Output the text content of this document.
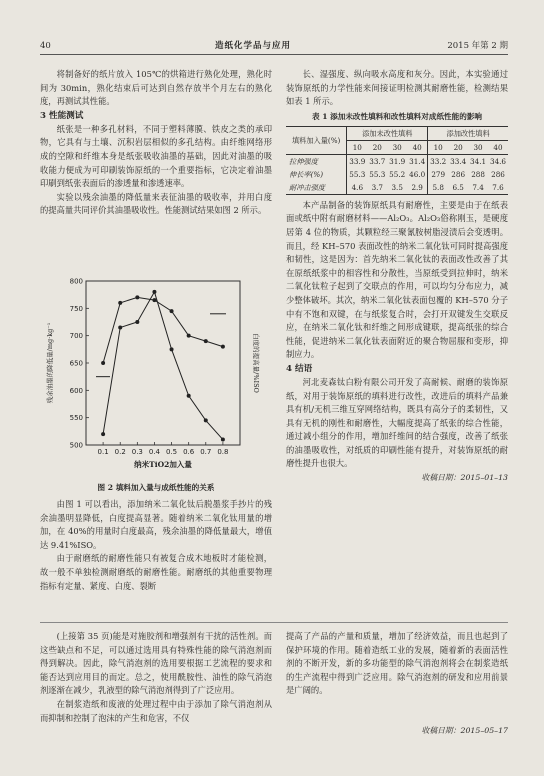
40	造纸化学品与应用	2015 年第 2 期

将制备好的纸片放入 105℃的烘箱进行熟化处理，熟化时间为 30min，熟化结束后可达到自然存放半个月左右的熟化度，再测试其性能。

3 性能测试

纸张是一种多孔材料，不同于塑料薄膜、铁皮之类的承印物，它具有与土壤、沉积岩层相似的多孔结构。由纤维网络形成的空隙和纤维本身是纸张吸收油墨的基础，因此对油墨的吸收能力便成为可印刷装饰原纸的一个重要指标，它决定着油墨印刷到纸张表面后的渗透量和渗透速率。

实验以残余油墨的降低量来表征油墨的吸收率，并用白度的提高量共同评价其油墨吸收性。性能测试结果如图 2 所示。

500
550
600
650
700
750
800
0.1 0.2 0.3 0.4 0.5 0.6 0.7 0.8
残余油墨的降低量/mg·kg⁻¹	白度的提高量/%ISO
纳米TiO2加入量
图 2 填料加入量与成纸性能的关系

由图 1 可以看出，添加纳米二氧化钛后脱墨浆手抄片的残余油墨明显降低，白度提高显著。随着纳米二氧化钛用量的增加，在 40%的用量时白度最高，残余油墨的降低量最大，增值达 9.41%ISO。

由于耐磨纸的耐磨性能只有被复合成木地板时才能检测，故一般不单独检测耐磨纸的耐磨性能。耐磨纸的其他重要物理指标有定量、紧度、白度、裂断

长、湿强度、纵向吸水高度和灰分。因此，本实验通过装饰原纸的力学性能来间接证明检测其耐磨性能，检测结果如表 1 所示。

表 1 添加未改性填料和改性填料对成纸性能的影响
填料加入量(%)	添加未改性填料				添加改性填料			
	10	20	30	40	10	20	30	40
拉伸强度	33.9	33.7	31.9	31.4	33.2	33.4	34.1	34.6
伸长率(%)	55.3	55.3	55.2	46.0	279	286	288	286
耐冲击强度	4.6	3.7	3.5	2.9	5.8	6.5	7.4	7.6

本产品制备的装饰原纸具有耐磨性，主要是由于在纸表面或纸中附有耐磨材料——Al₂O₃。Al₂O₃俗称刚玉，是硬度居第 4 位的物质，其颗粒经三聚氰胺树脂浸渍后会变透明。而且，经 KH–570 表面改性的纳米二氧化钛可同时提高强度和韧性，这是因为：首先纳米二氧化钛的表面改性改善了其在原纸纸浆中的相容性和分散性，当原纸受到拉伸时，纳米二氧化钛粒子起到了交联点的作用，可以均匀分布应力，减少整体破坏。其次，纳米二氧化钛表面包覆的 KH–570 分子中有不饱和双键，在与纸浆复合时，会打开双键发生交联反应，在纳米二氧化钛和纤维之间形成键联，提高纸张的综合性能，促进纳米二氧化钛表面附近的聚合物屈服和变形，抑制应力。

4 结语

河北麦森钛白粉有限公司开发了高耐候、耐磨的装饰原纸，对用于装饰原纸的填料进行改性，改进后的填料产品兼具有机/无机三维互穿网络结构，既具有高分子的柔韧性，又具有无机的刚性和耐磨性，大幅度提高了纸张的综合性能，通过减小组分的作用，增加纤维间的结合强度，改善了纸张的油墨吸收性，对纸质的印刷性能有提升，对装饰原纸的耐磨性提升也很大。

收稿日期：2015–01–13

(上接第 35 页)能是对施胶剂和增强剂有干扰的活性剂。而这些缺点和不足，可以通过选用具有特殊性能的除气消泡剂而得到解决。因此，除气消泡剂的选用要根据工艺流程的要求和能否达到应用目的而定。总之，使用酰胺性、油性的除气消泡剂逐渐在减少，乳液型的除气消泡剂得到了广泛应用。

在制浆造纸和废液的处理过程中由于添加了除气消泡剂从而抑制和控制了泡沫的产生和危害，不仅

提高了产品的产量和质量，增加了经济效益，而且也起到了保护环境的作用。随着造纸工业的发展，随着新的表面活性剂的不断开发，新的多功能型的除气消泡剂将会在制浆造纸的生产流程中得到广泛应用。除气消泡剂的研发和应用前景是广阔的。

收稿日期：2015–05–17
